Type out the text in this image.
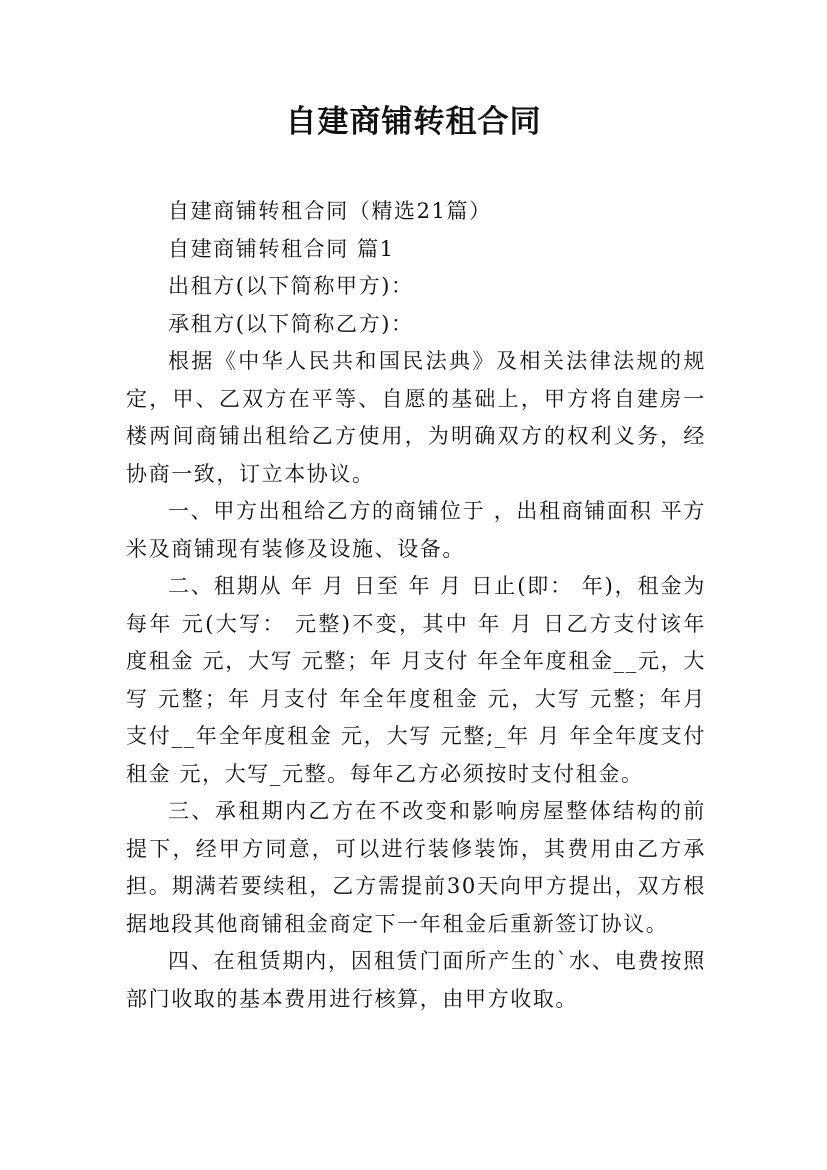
自建商铺转租合同

自建商铺转租合同（精选21篇）

自建商铺转租合同 篇1

出租方(以下简称甲方)：

承租方(以下简称乙方)：

根据《中华人民共和国民法典》及相关法律法规的规定，甲、乙双方在平等、自愿的基础上，甲方将自建房一楼两间商铺出租给乙方使用，为明确双方的权利义务，经协商一致，订立本协议。

一、甲方出租给乙方的商铺位于 ，出租商铺面积 平方米及商铺现有装修及设施、设备。

二、租期从 年 月 日至 年 月 日止(即： 年)，租金为每年 元(大写： 元整)不变，其中 年 月 日乙方支付该年度租金 元，大写 元整；年 月支付 年全年度租金__元，大写 元整；年 月支付 年全年度租金 元，大写 元整；年月支付__年全年度租金 元，大写 元整;_年 月 年全年度支付租金 元，大写_元整。每年乙方必须按时支付租金。

三、承租期内乙方在不改变和影响房屋整体结构的前提下，经甲方同意，可以进行装修装饰，其费用由乙方承担。期满若要续租，乙方需提前30天向甲方提出，双方根据地段其他商铺租金商定下一年租金后重新签订协议。

四、在租赁期内，因租赁门面所产生的`水、电费按照部门收取的基本费用进行核算，由甲方收取。
